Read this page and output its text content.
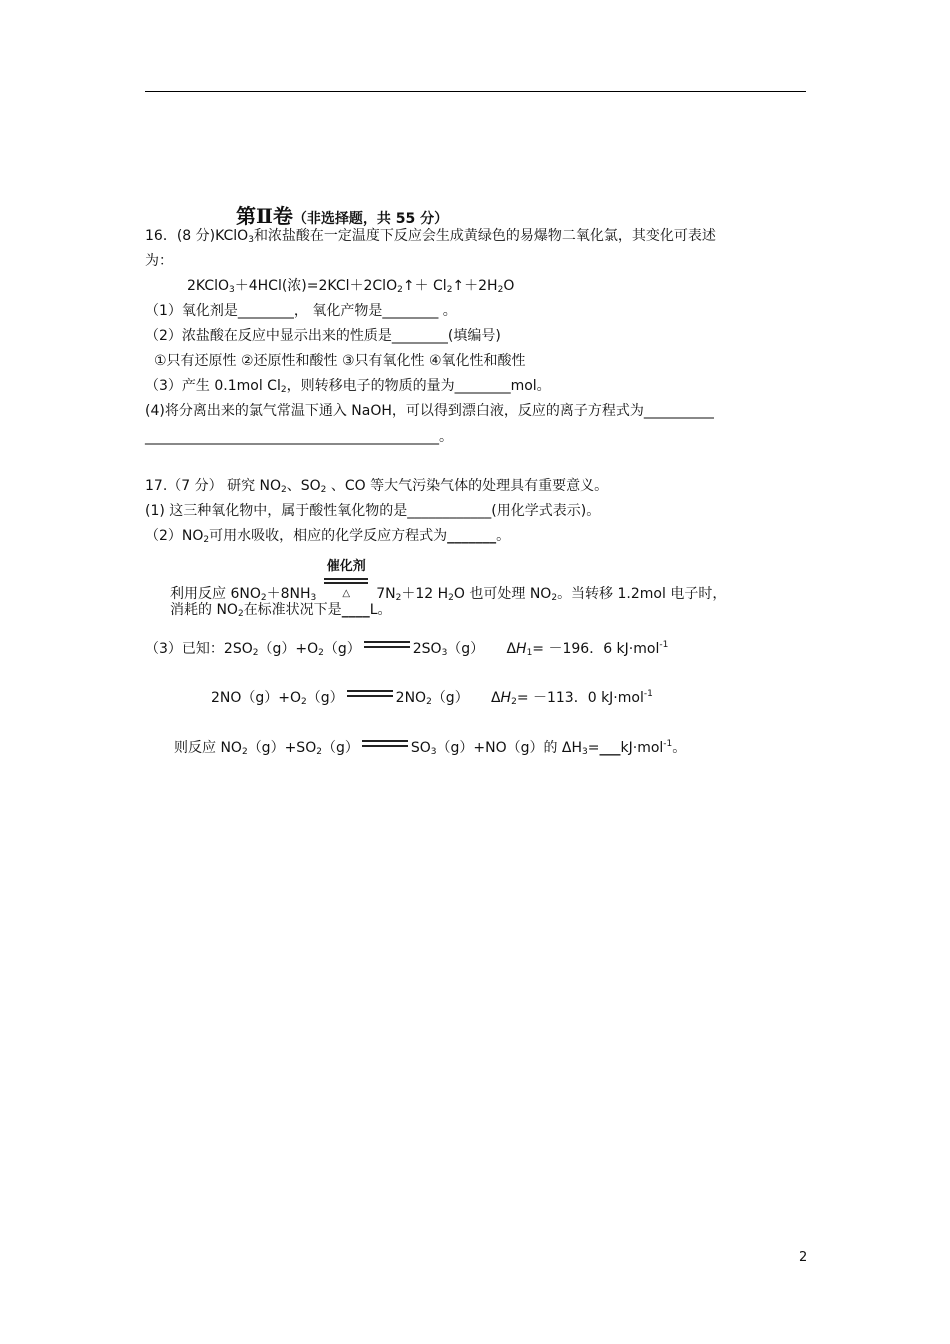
第Ⅱ卷（非选择题，共 55 分）
16．(8 分)KClO$_3$和浓盐酸在一定温度下反应会生成黄绿色的易爆物二氧化氯，其变化可表述
为：
2KClO$_3$＋4HCl(浓)=2KCl＋2ClO$_2$↑＋ $Cl_2↑+2H_2O$
（1）氧化剂是________， 氧化产物是________ 。
（2）浓盐酸在反应中显示出来的性质是________(填编号)
①只有还原性 ②还原性和酸性 ③只有氧化性 ④氧化性和酸性
（3）产生 0.1mol $Cl_2$，则转移电子的物质的量为________mol。
(4)将分离出来的氯气常温下通入 NaOH，可以得到漂白液，反应的离子方程式为__________
__________________________________________。
17.（7 分） 研究 $NO_2$、$SO_2$ 、CO 等大气污染气体的处理具有重要意义。
(1) 这三种氧化物中，属于酸性氧化物的是____________(用化学式表示)。
$(2)NO_2$可用水吸收，相应的化学反应方程式为_______。
利用反应 $6NO_2+8NH_3$
催化剂
△	$7N_2+12$ $H_2O$ 也可处理 $NO_2$。当转移 1.2mol 电子时，
消耗的 $NO_2$在标准状况下是____L。
（3）已知：$2SO_2(g)+O_2(g)$	$2SO_3(g)$ $\Delta H_1= -196$．6 kJ·mol$^{-1}$
$2NO(g)+O_2(g)$	$2NO_2(g)$ $\Delta H_2= -113$．0 kJ·mol$^{-1}$
则反应 $NO_2(g)+SO_2(g)$	$SO_3(g)+NO(g)$的 $\Delta H_3=\_\_\_kJ\cdot mol^{-1}$。
2
